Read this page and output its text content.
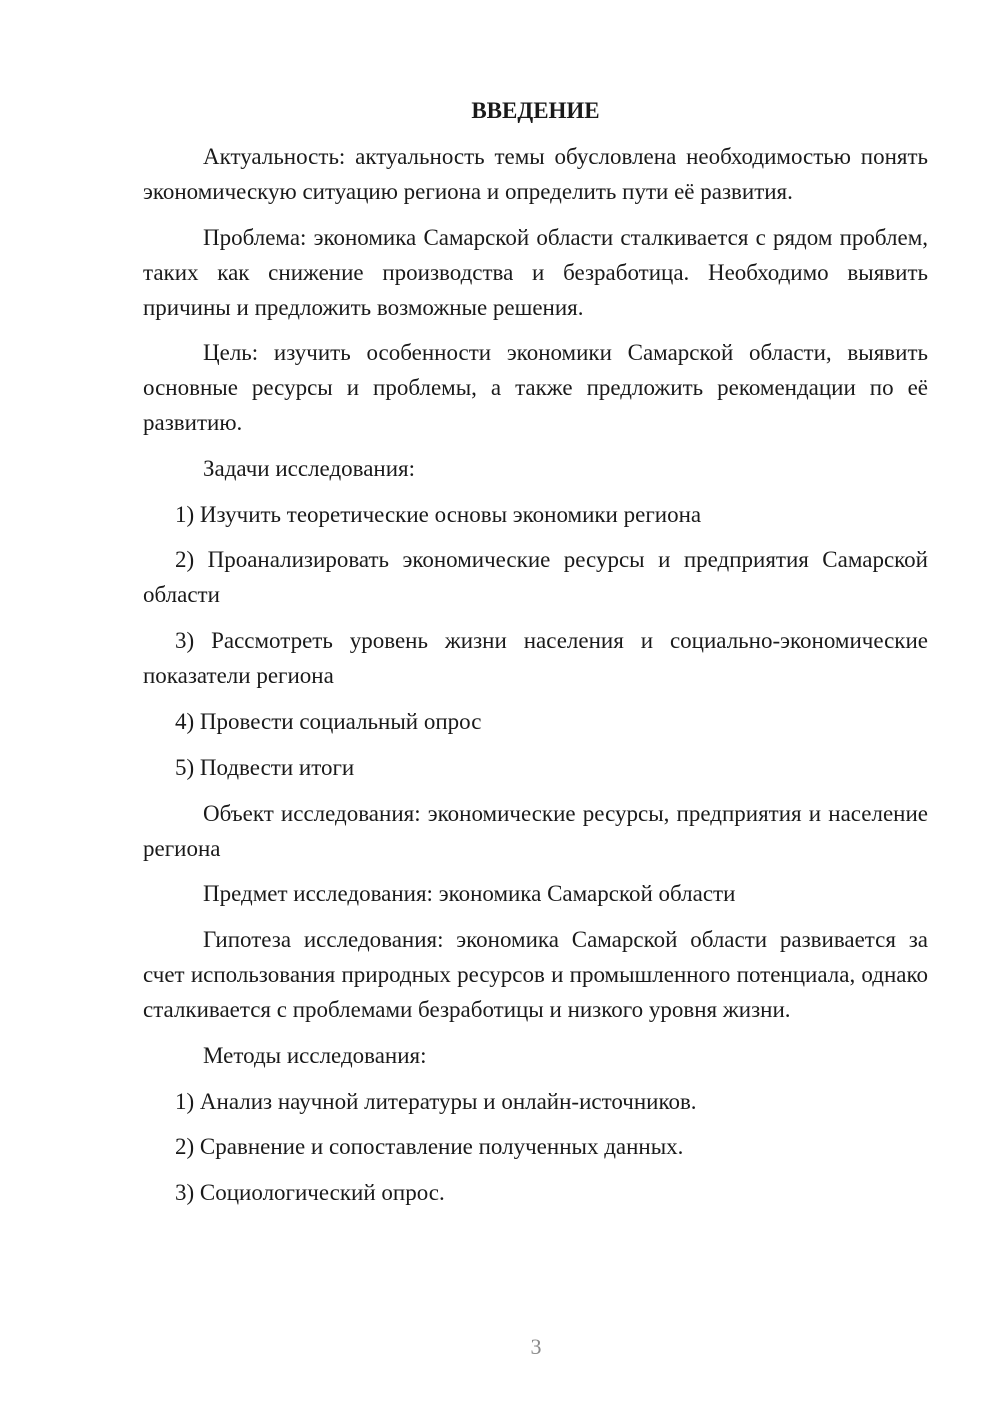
ВВЕДЕНИЕ

Актуальность: актуальность темы обусловлена необходимостью понять экономическую ситуацию региона и определить пути её развития.

Проблема: экономика Самарской области сталкивается с рядом проблем, таких как снижение производства и безработица. Необходимо выявить причины и предложить возможные решения.

Цель: изучить особенности экономики Самарской области, выявить основные ресурсы и проблемы, а также предложить рекомендации по её развитию.

Задачи исследования:

1) Изучить теоретические основы экономики региона

2) Проанализировать экономические ресурсы и предприятия Самарской области

3) Рассмотреть уровень жизни населения и социально-экономические показатели региона

4) Провести социальный опрос

5) Подвести итоги

Объект исследования: экономические ресурсы, предприятия и население региона

Предмет исследования: экономика Самарской области

Гипотеза исследования: экономика Самарской области развивается за счет использования природных ресурсов и промышленного потенциала, однако сталкивается с проблемами безработицы и низкого уровня жизни.

Методы исследования:

1) Анализ научной литературы и онлайн-источников.

2) Сравнение и сопоставление полученных данных.

3) Социологический опрос.

3
